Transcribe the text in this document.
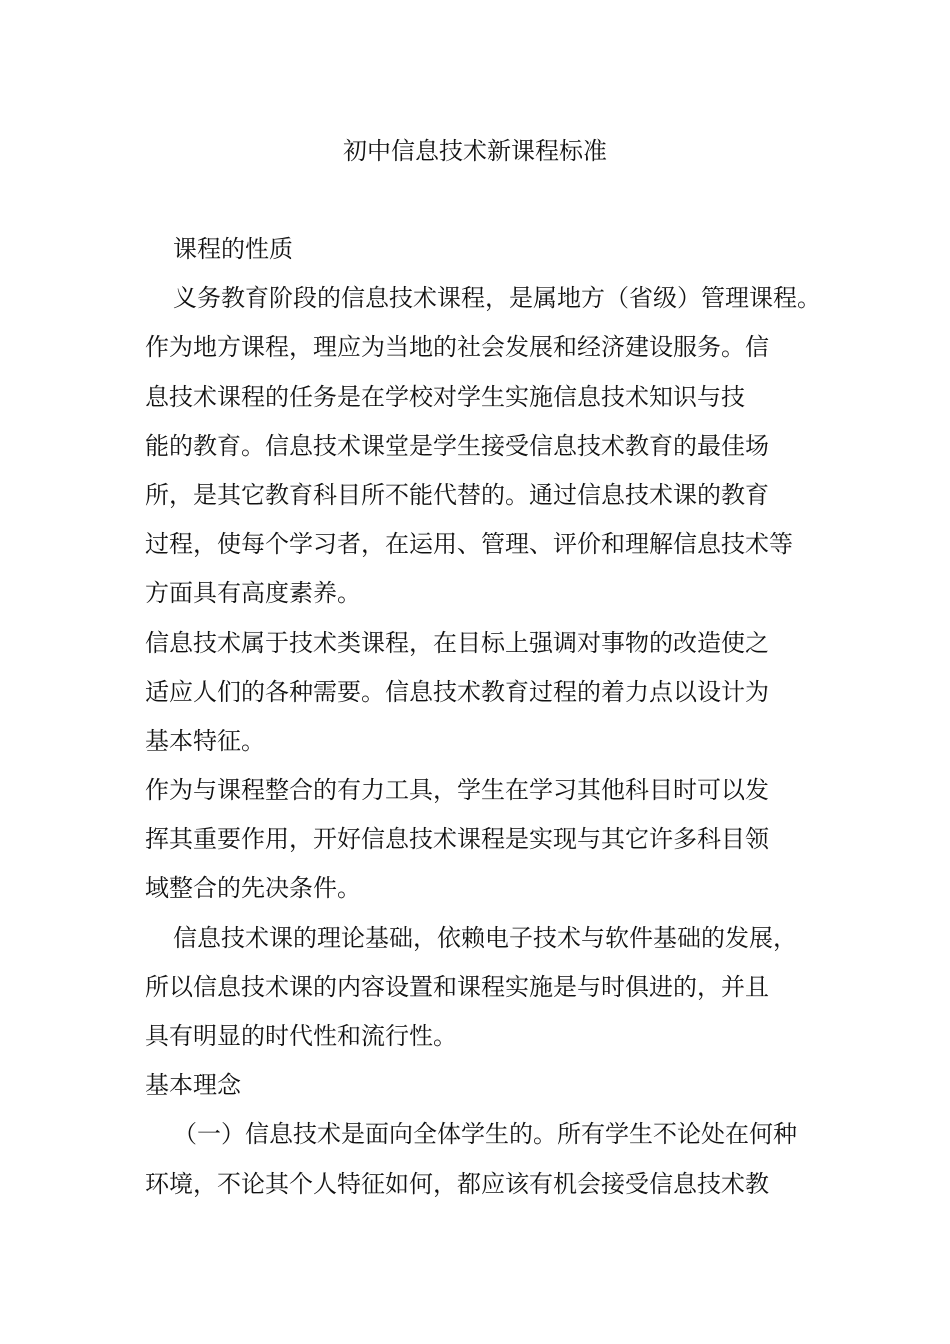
初中信息技术新课程标准
课程的性质
义务教育阶段的信息技术课程，是属地方（省级）管理课程。
作为地方课程，理应为当地的社会发展和经济建设服务。信
息技术课程的任务是在学校对学生实施信息技术知识与技
能的教育。信息技术课堂是学生接受信息技术教育的最佳场
所，是其它教育科目所不能代替的。通过信息技术课的教育
过程，使每个学习者，在运用、管理、评价和理解信息技术等
方面具有高度素养。
信息技术属于技术类课程，在目标上强调对事物的改造使之
适应人们的各种需要。信息技术教育过程的着力点以设计为
基本特征。
作为与课程整合的有力工具，学生在学习其他科目时可以发
挥其重要作用，开好信息技术课程是实现与其它许多科目领
域整合的先决条件。
信息技术课的理论基础，依赖电子技术与软件基础的发展，
所以信息技术课的内容设置和课程实施是与时俱进的，并且
具有明显的时代性和流行性。
基本理念
（一）信息技术是面向全体学生的。所有学生不论处在何种
环境，不论其个人特征如何，都应该有机会接受信息技术教
